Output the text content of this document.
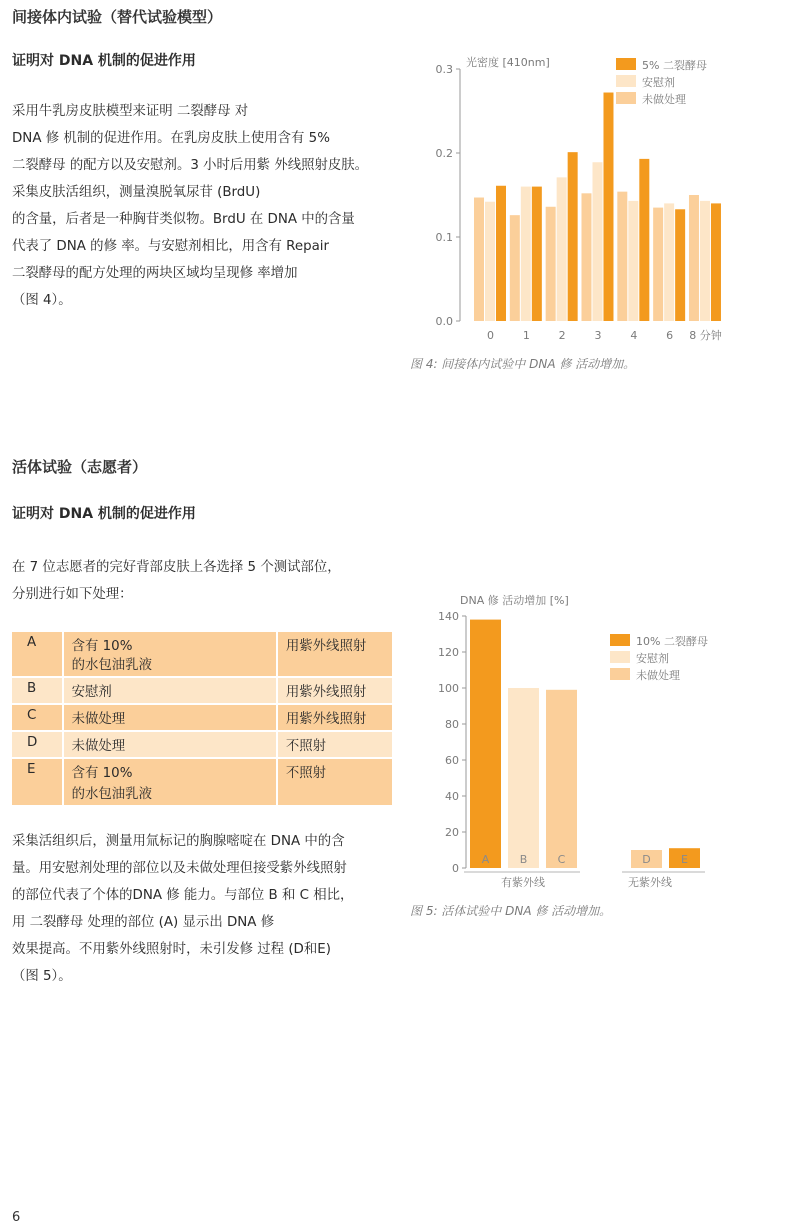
间接体内试验（替代试验模型）
证明对 DNA 机制的促进作用
采用牛乳房皮肤模型来证明 二裂酵母 对
DNA 修 机制的促进作用。在乳房皮肤上使用含有 5%
二裂酵母 的配方以及安慰剂。3 小时后用紫 外线照射皮肤。
采集皮肤活组织，测量溴脱氧尿苷 (BrdU)
的含量，后者是一种胸苷类似物。BrdU 在 DNA 中的含量
代表了 DNA 的修 率。与安慰剂相比，用含有 Repair
二裂酵母的配方处理的两块区域均呈现修 率增加
（图 4）。
光密度 [410nm]
0.0
0.1
0.2
0.3
0	1	2	3	4	6 8 分钟
5% 二裂酵母
安慰剂
未做处理
图 4: 间接体内试验中 DNA 修 活动增加。
活体试验（志愿者）
证明对 DNA 机制的促进作用
在 7 位志愿者的完好背部皮肤上各选择 5 个测试部位，
分别进行如下处理：
A	含有 10%
的水包油乳液	用紫外线照射
B	安慰剂	用紫外线照射
C	未做处理	用紫外线照射
D	未做处理	不照射
E	含有 10%
的水包油乳液	不照射
采集活组织后，测量用氚标记的胸腺嘧啶在 DNA 中的含
量。用安慰剂处理的部位以及未做处理但接受紫外线照射
的部位代表了个体的DNA 修 能力。与部位 B 和 C 相比，
用 二裂酵母 处理的部位 (A) 显示出 DNA 修
效果提高。不用紫外线照射时，未引发修 过程 (D和E)
（图 5）。
DNA 修 活动增加 [%]
0
20
40
60
80
100
120
140
A	B	C	D	E
有紫外线	无紫外线
10% 二裂酵母
安慰剂
未做处理
图 5: 活体试验中 DNA 修 活动增加。
6
